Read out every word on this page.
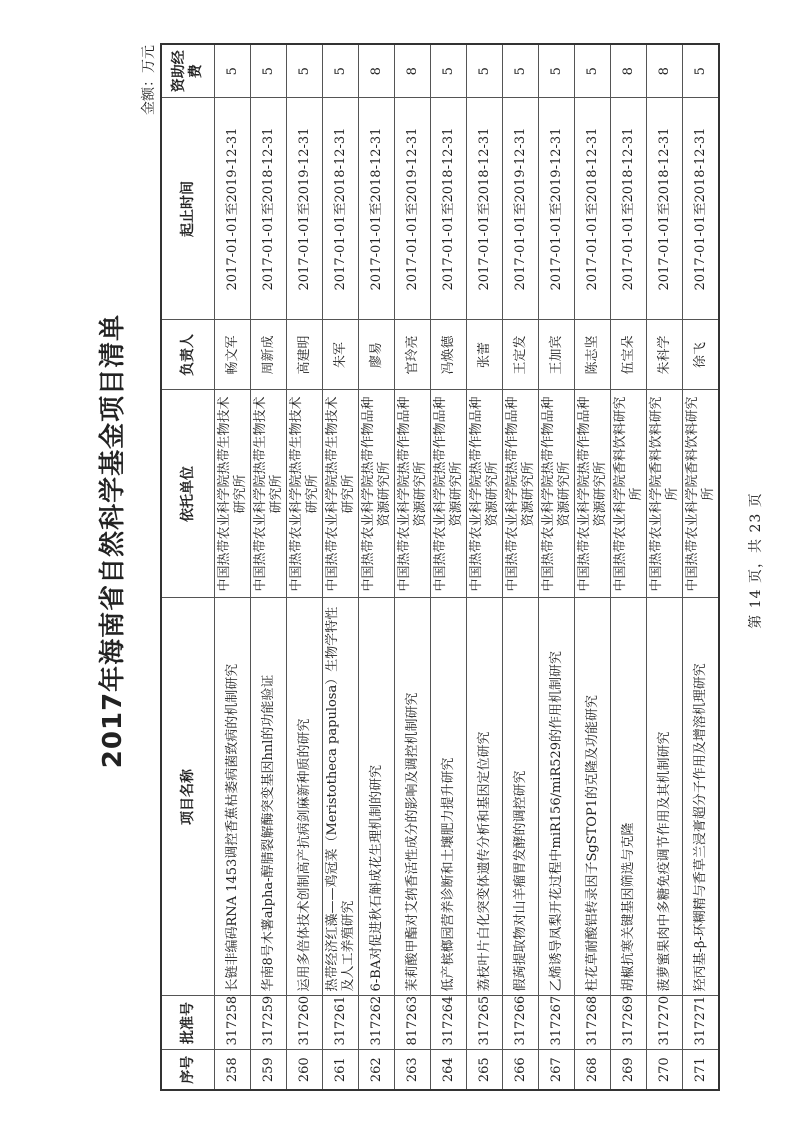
​
2017年海南省自然科学基金项目清单
金额：万元
序号	批准号	项目名称	依托单位	负责人	起止时间	资助经费
258	317258	长链非编码RNA 1453调控香蕉枯萎病菌致病的机制研究	中国热带农业科学院热带生物技术研究所	畅文军	2017-01-01至2019-12-31	5
259	317259	华南8号木薯alpha-醇腈裂解酶突变基因hnl的功能验证	中国热带农业科学院热带生物技术研究所	周新成	2017-01-01至2018-12-31	5
260	317260	运用多倍体技术创制高产抗病剑麻新种质的研究	中国热带农业科学院热带生物技术研究所	高建明	2017-01-01至2019-12-31	5
261	317261	热带经济红藻——鸡冠菜（Meristotheca papulosa）生物学特性及人工养殖研究	中国热带农业科学院热带生物技术研究所	朱军	2017-01-01至2018-12-31	5
262	317262	6-BA对促进秋石斛成花生理机制的研究	中国热带农业科学院热带作物品种资源研究所	廖易	2017-01-01至2018-12-31	8
263	817263	茉莉酸甲酯对艾纳香活性成分的影响及调控机制研究	中国热带农业科学院热带作物品种资源研究所	官玲亮	2017-01-01至2019-12-31	8
264	317264	低产槟榔园营养诊断和土壤肥力提升研究	中国热带农业科学院热带作物品种资源研究所	冯焕德	2017-01-01至2018-12-31	5
265	317265	荔枝叶片白化突变体遗传分析和基因定位研究	中国热带农业科学院热带作物品种资源研究所	张蕾	2017-01-01至2018-12-31	5
266	317266	假蒟提取物对山羊瘤胃发酵的调控研究	中国热带农业科学院热带作物品种资源研究所	王定发	2017-01-01至2019-12-31	5
267	317267	乙烯诱导凤梨开花过程中miR156/miR529的作用机制研究	中国热带农业科学院热带作物品种资源研究所	王加宾	2017-01-01至2019-12-31	5
268	317268	柱花草耐酸铝转录因子SgSTOP1的克隆及功能研究	中国热带农业科学院热带作物品种资源研究所	陈志坚	2017-01-01至2018-12-31	5
269	317269	胡椒抗寒关键基因筛选与克隆	中国热带农业科学院香料饮料研究所	伍宝朵	2017-01-01至2018-12-31	8
270	317270	菠萝蜜果肉中多糖免疫调节作用及其机制研究	中国热带农业科学院香料饮料研究所	朱科学	2017-01-01至2018-12-31	8
271	317271	羟丙基-β-环糊精与香草兰浸膏超分子作用及增溶机理研究	中国热带农业科学院香料饮料研究所	徐飞	2017-01-01至2018-12-31	5
第 14 页，共 23 页
